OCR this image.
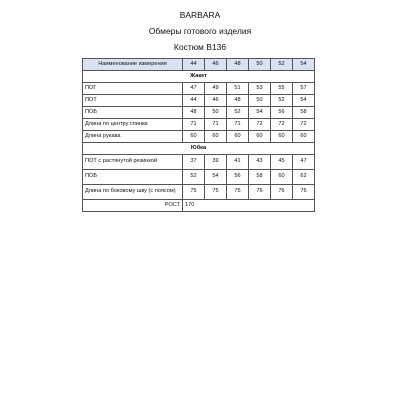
BARBARA
Обмеры готового изделия
Костюм В136
Наименование измерения	44	46	48	50	52	54
Жакет						
ПОГ	47	49	51	53	55	57
ПОТ	44	46	48	50	52	54
ПОБ	48	50	52	54	56	58
Длина по центру спинки	71	71	71	72	72	72
Длина рукава	60	60	60	60	60	60
Юбка						
ПОТ с растянутой резинкой	37	39	41	43	45	47
ПОБ	52	54	56	58	60	62
Длина по боковому шву (с поясом)	75	75	75	76	76	76
РОСТ	170					
